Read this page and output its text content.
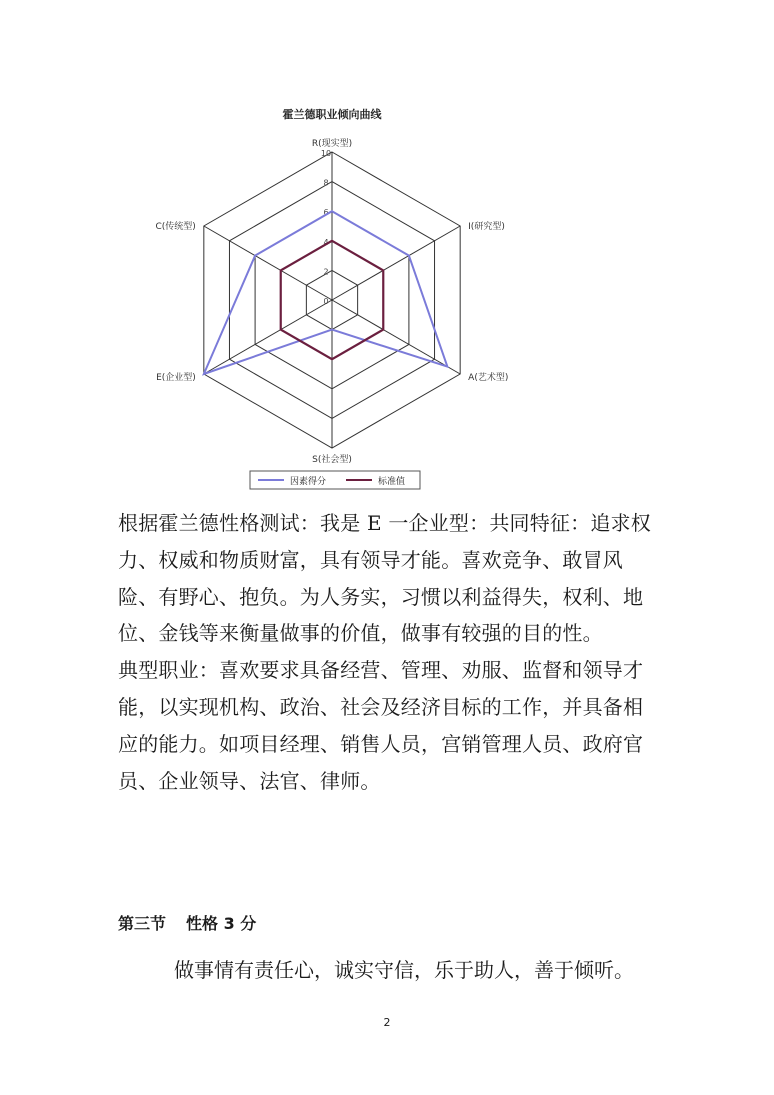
霍兰德职业倾向曲线
0
2
4
6
8
10
R(现实型)
I(研究型)
A(艺术型)
S(社会型)
E(企业型)
C(传统型)
因素得分	标准值

根据霍兰德性格测试：我是 E 一企业型：共同特征：追求权力、权威和物质财富，具有领导才能。喜欢竞争、敢冒风险、有野心、抱负。为人务实，习惯以利益得失，权利、地位、金钱等来衡量做事的价值，做事有较强的目的性。

典型职业：喜欢要求具备经营、管理、劝服、监督和领导才能，以实现机构、政治、社会及经济目标的工作，并具备相应的能力。如项目经理、销售人员，宫销管理人员、政府官员、企业领导、法官、律师。

第三节 性格 3 分
做事情有责任心，诚实守信，乐于助人，善于倾听。
2
